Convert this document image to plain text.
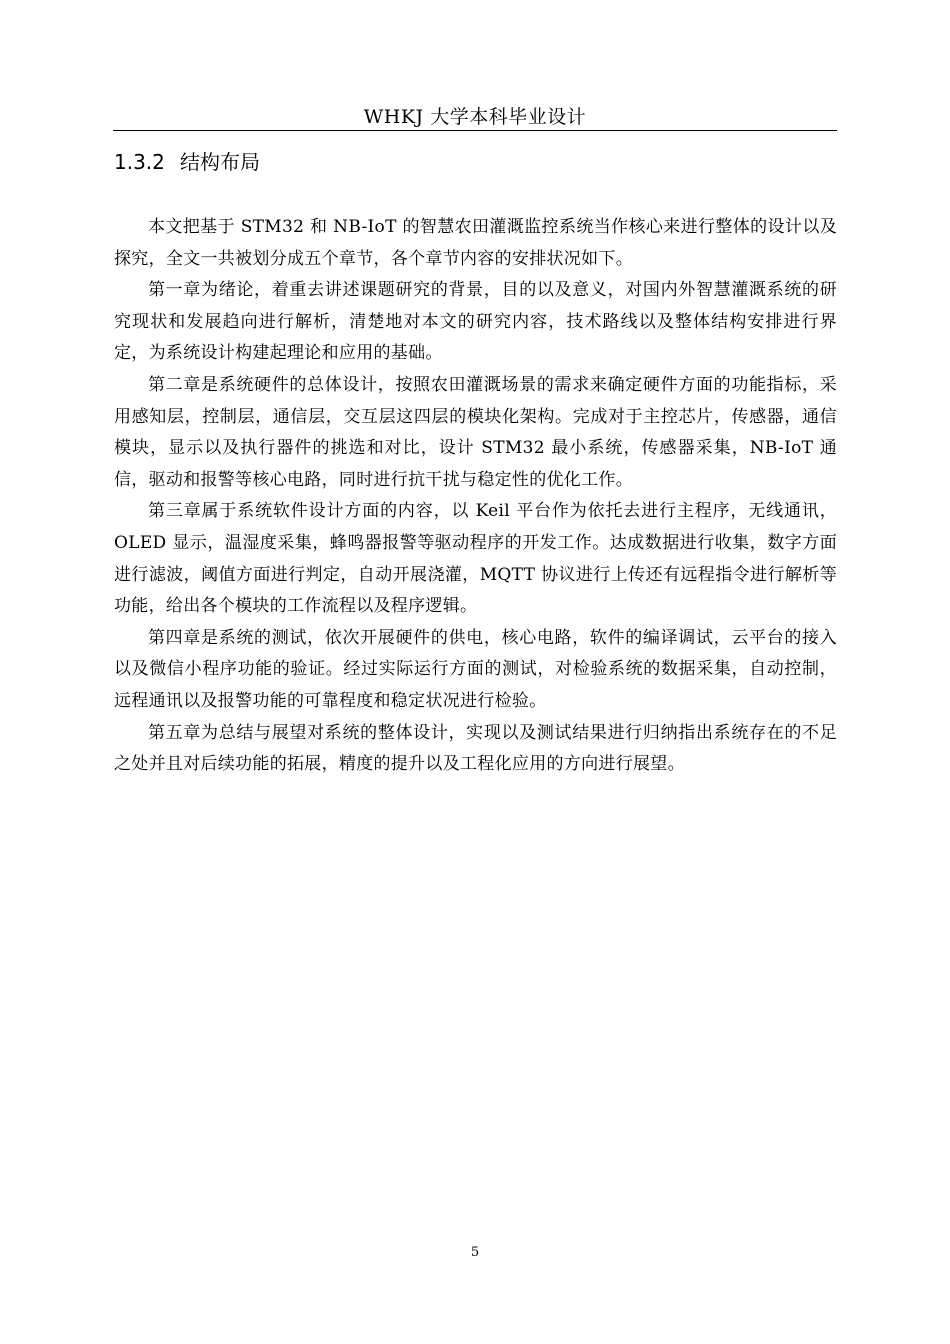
WHKJ 大学本科毕业设计
1.3.2 结构布局

本文把基于 STM32 和 NB-IoT 的智慧农田灌溉监控系统当作核心来进行整体的设计以及探究，全文一共被划分成五个章节，各个章节内容的安排状况如下。

第一章为绪论，着重去讲述课题研究的背景，目的以及意义，对国内外智慧灌溉系统的研究现状和发展趋向进行解析，清楚地对本文的研究内容，技术路线以及整体结构安排进行界定，为系统设计构建起理论和应用的基础。

第二章是系统硬件的总体设计，按照农田灌溉场景的需求来确定硬件方面的功能指标，采用感知层，控制层，通信层，交互层这四层的模块化架构。完成对于主控芯片，传感器，通信模块，显示以及执行器件的挑选和对比，设计 STM32 最小系统，传感器采集，NB-IoT 通信，驱动和报警等核心电路，同时进行抗干扰与稳定性的优化工作。

第三章属于系统软件设计方面的内容，以 Keil 平台作为依托去进行主程序，无线通讯，OLED 显示，温湿度采集，蜂鸣器报警等驱动程序的开发工作。达成数据进行收集，数字方面进行滤波，阈值方面进行判定，自动开展浇灌，MQTT 协议进行上传还有远程指令进行解析等功能，给出各个模块的工作流程以及程序逻辑。

第四章是系统的测试，依次开展硬件的供电，核心电路，软件的编译调试，云平台的接入以及微信小程序功能的验证。经过实际运行方面的测试，对检验系统的数据采集，自动控制，远程通讯以及报警功能的可靠程度和稳定状况进行检验。

第五章为总结与展望对系统的整体设计，实现以及测试结果进行归纳指出系统存在的不足之处并且对后续功能的拓展，精度的提升以及工程化应用的方向进行展望。

5
